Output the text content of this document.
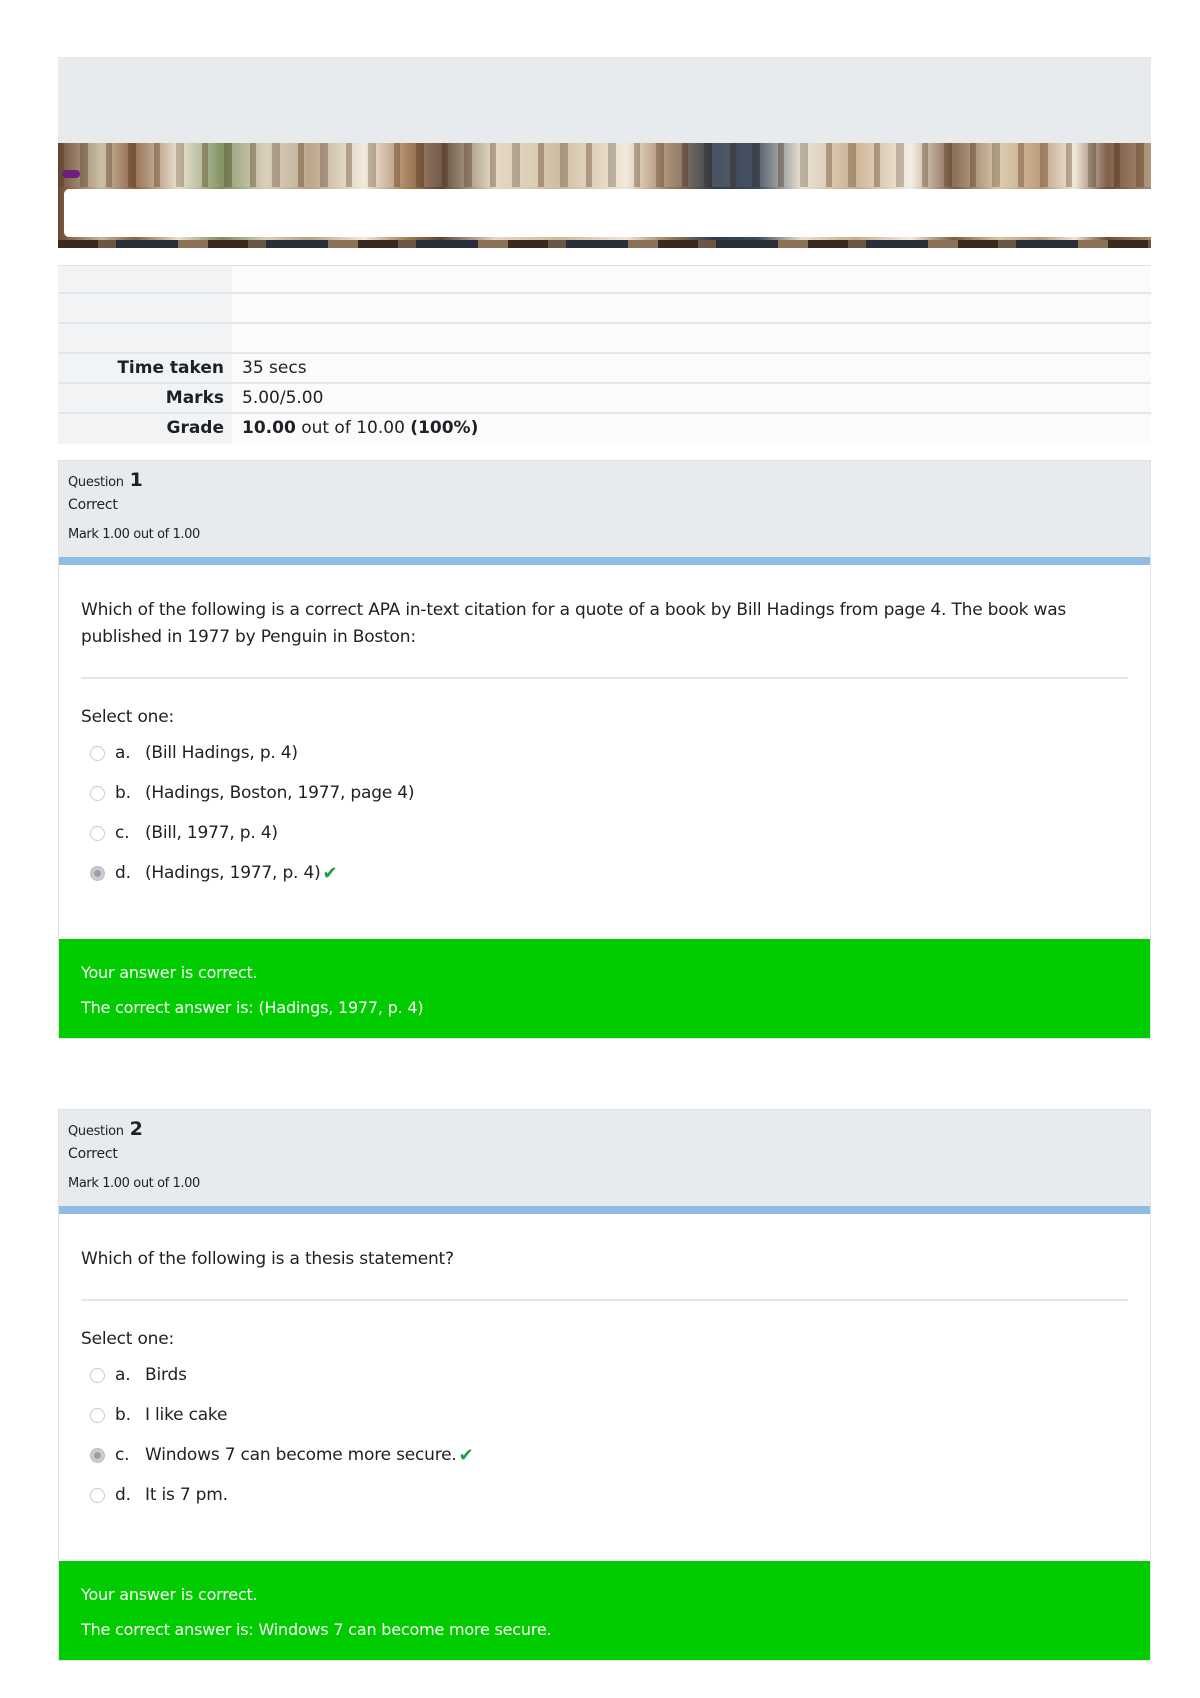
Time taken	35 secs
Marks	5.00/5.00
Grade	10.00 out of 10.00 (100%)
Question 1
Correct
Mark 1.00 out of 1.00
Which of the following is a correct APA in-text citation for a quote of a book by Bill Hadings from page 4. The book was published in 1977 by Penguin in Boston:
Select one:
a. (Bill Hadings, p. 4)
b. (Hadings, Boston, 1977, page 4)
c. (Bill, 1977, p. 4)
d. (Hadings, 1977, p. 4) ✔
Your answer is correct.
The correct answer is: (Hadings, 1977, p. 4)
Question 2
Correct
Mark 1.00 out of 1.00
Which of the following is a thesis statement?
Select one:
a. Birds
b. I like cake
c. Windows 7 can become more secure. ✔
d. It is 7 pm.
Your answer is correct.
The correct answer is: Windows 7 can become more secure.
